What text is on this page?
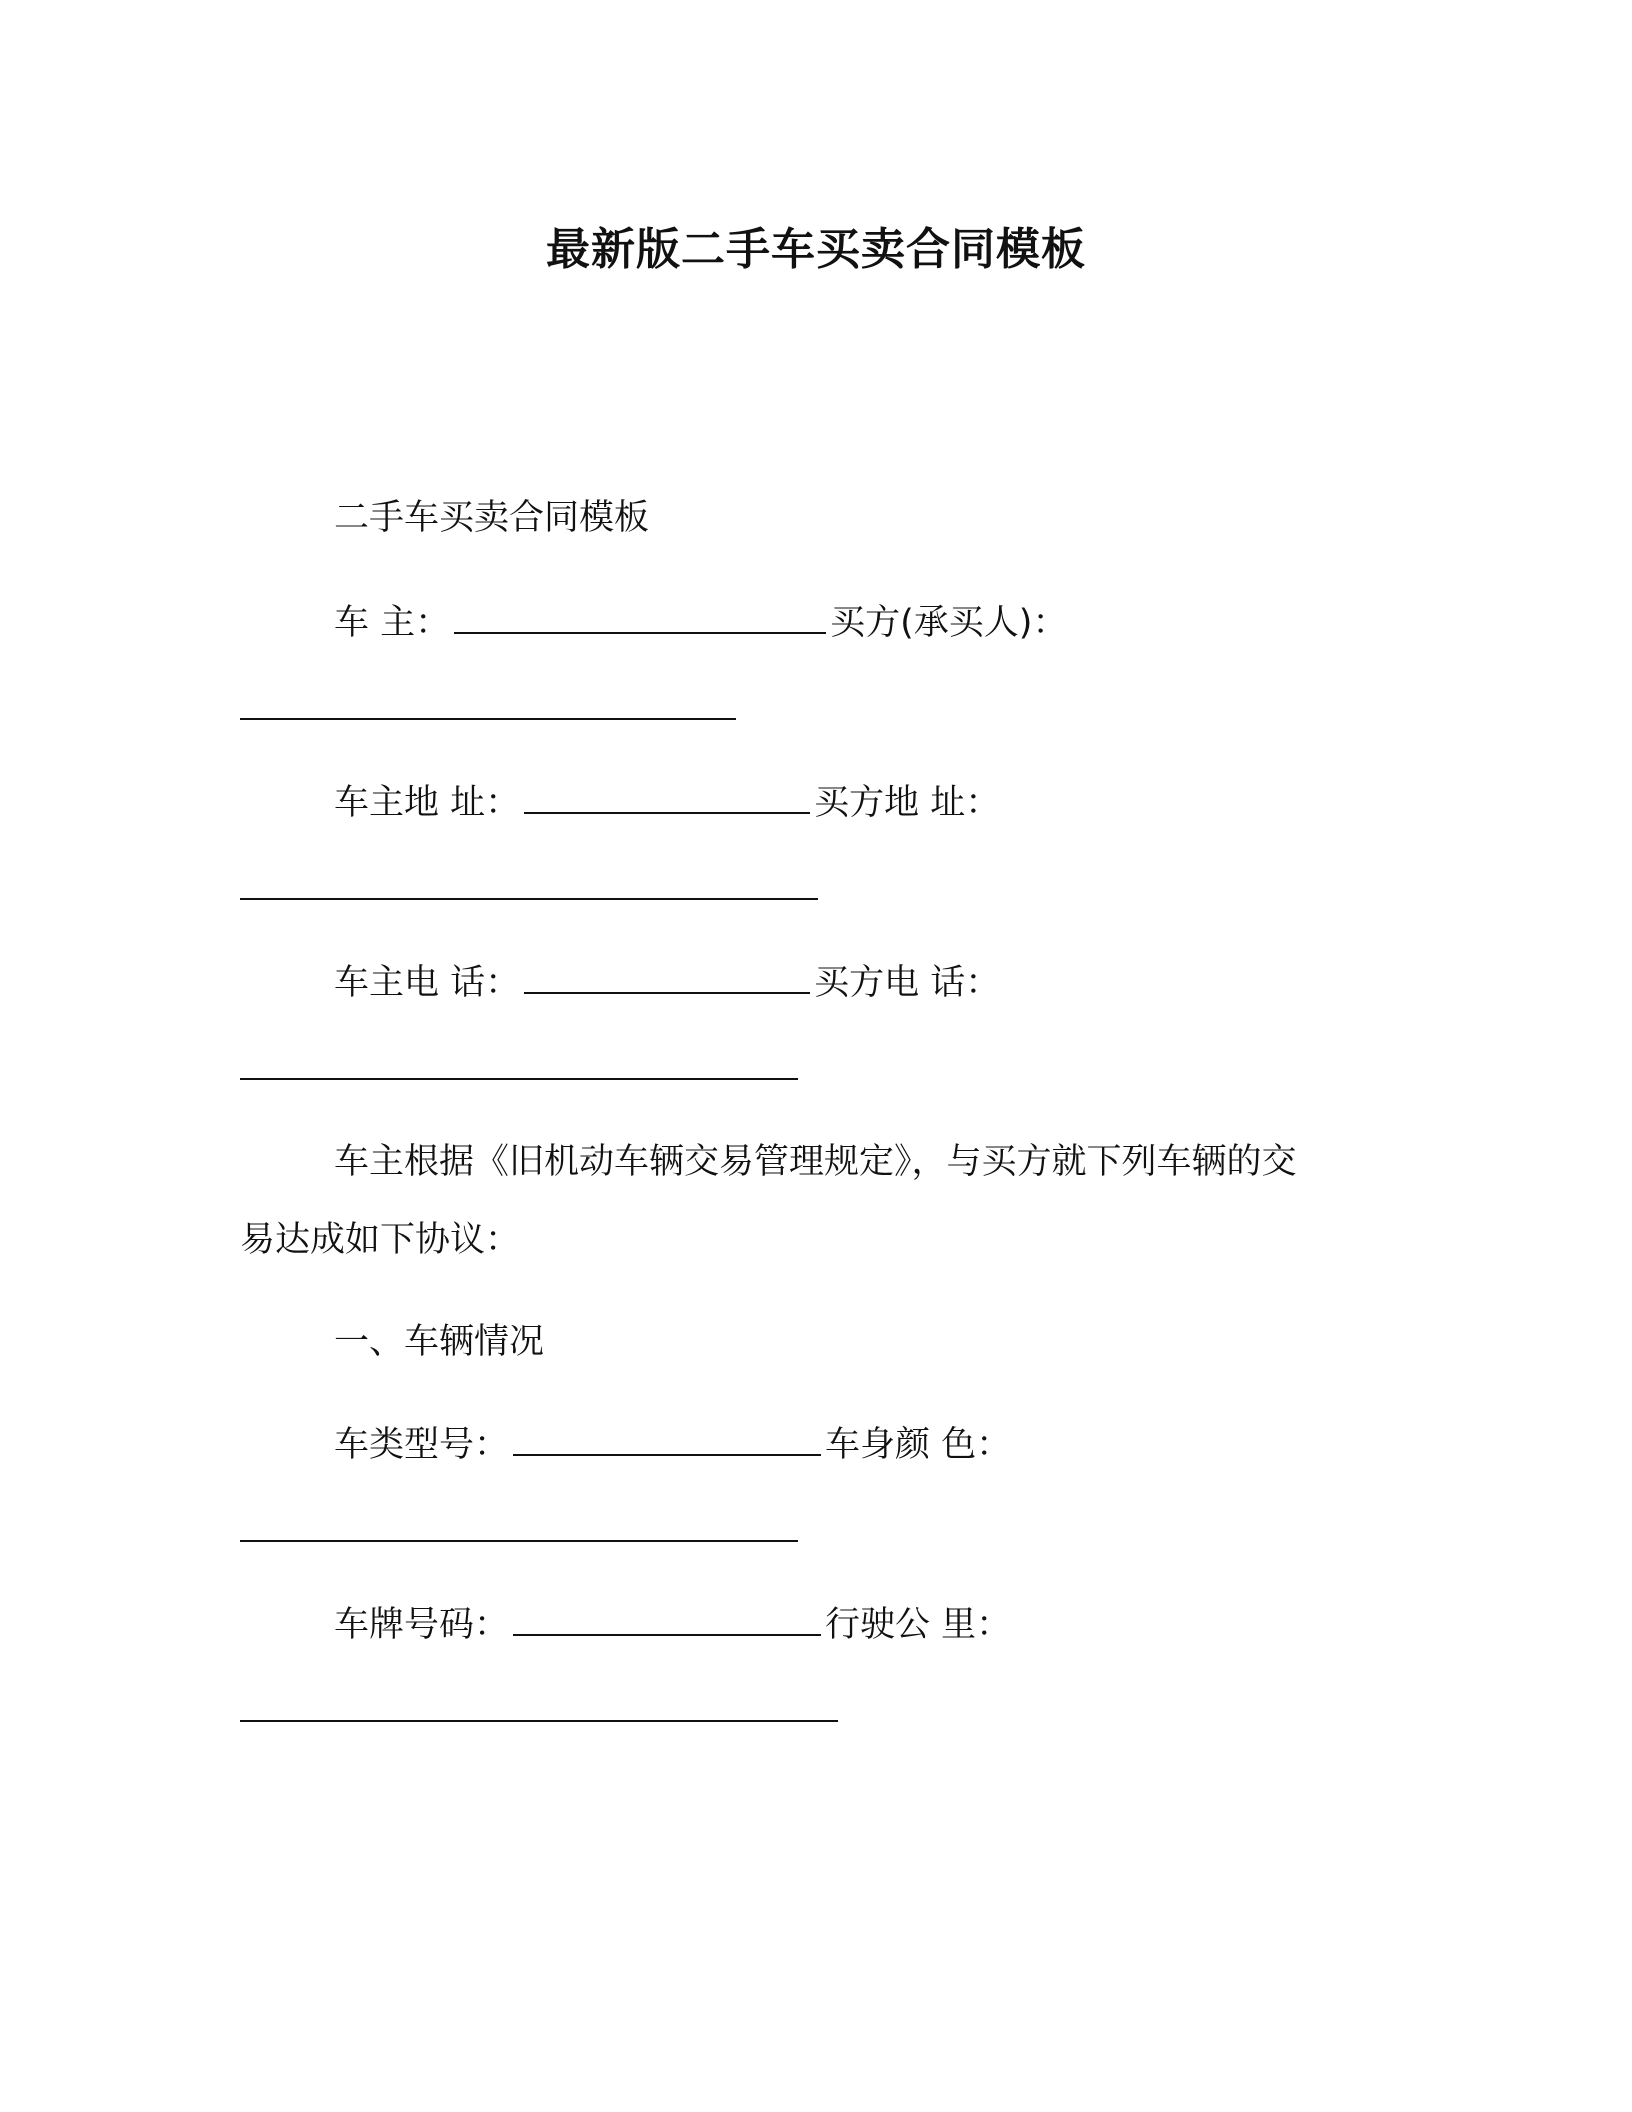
最新版二手车买卖合同模板
二手车买卖合同模板
车 主：	买方(承买人)：
车主地 址：	买方地 址：
车主电 话：	买方电 话：
车主根据《旧机动车辆交易管理规定》，与买方就下列车辆的交
易达成如下协议：
一、车辆情况
车类型号：	车身颜 色：
车牌号码：	行驶公 里：
